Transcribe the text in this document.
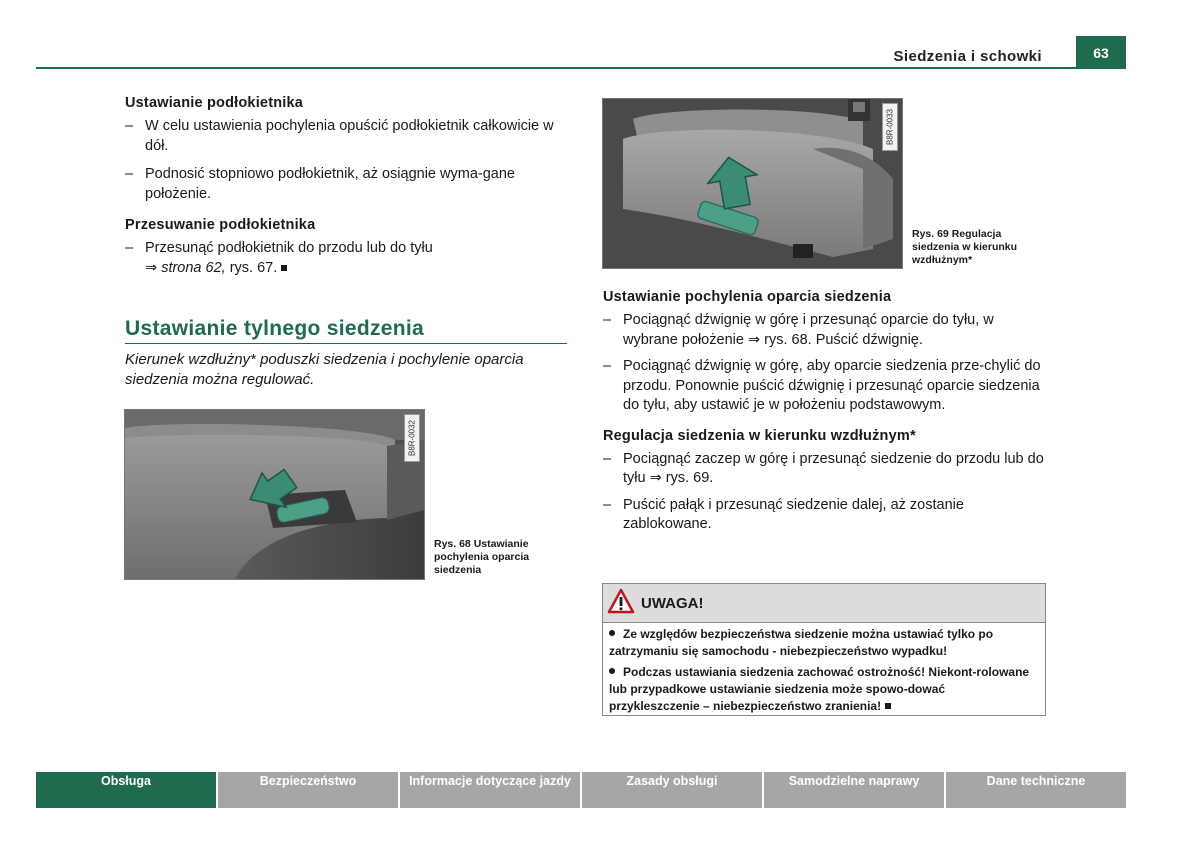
Siedzenia i schowki	63
Ustawianie podłokietnika
– W celu ustawienia pochylenia opuścić podłokietnik całkowicie w dół.
– Podnosić stopniowo podłokietnik, aż osiągnie wyma-gane położenie.
Przesuwanie podłokietnika
– Przesunąć podłokietnik do przodu lub do tyłu
⇒ strona 62, rys. 67.
Ustawianie tylnego siedzenia
Kierunek wzdłużny* poduszki siedzenia i pochylenie oparcia siedzenia można regulować.
B8R-0032
Rys. 68 Ustawianie pochylenia oparcia siedzenia
B8R-0033
Rys. 69 Regulacja siedzenia w kierunku wzdłużnym*
Ustawianie pochylenia oparcia siedzenia
– Pociągnąć dźwignię w górę i przesunąć oparcie do tyłu, w wybrane położenie ⇒ rys. 68. Puścić dźwignię.
– Pociągnąć dźwignię w górę, aby oparcie siedzenia prze-chylić do przodu. Ponownie puścić dźwignię i przesunąć oparcie siedzenia do tyłu, aby ustawić je w położeniu podstawowym.
Regulacja siedzenia w kierunku wzdłużnym*
– Pociągnąć zaczep w górę i przesunąć siedzenie do przodu lub do tyłu ⇒ rys. 69.
– Puścić pałąk i przesunąć siedzenie dalej, aż zostanie zablokowane.
UWAGA!
Ze względów bezpieczeństwa siedzenie można ustawiać tylko po zatrzymaniu się samochodu - niebezpieczeństwo wypadku!
Podczas ustawiania siedzenia zachować ostrożność! Niekont-rolowane lub przypadkowe ustawianie siedzenia może spowo-dować przykleszczenie – niebezpieczeństwo zranienia!
Obsługa	Bezpieczeństwo	Informacje dotyczące jazdy	Zasady obsługi	Samodzielne naprawy	Dane techniczne
